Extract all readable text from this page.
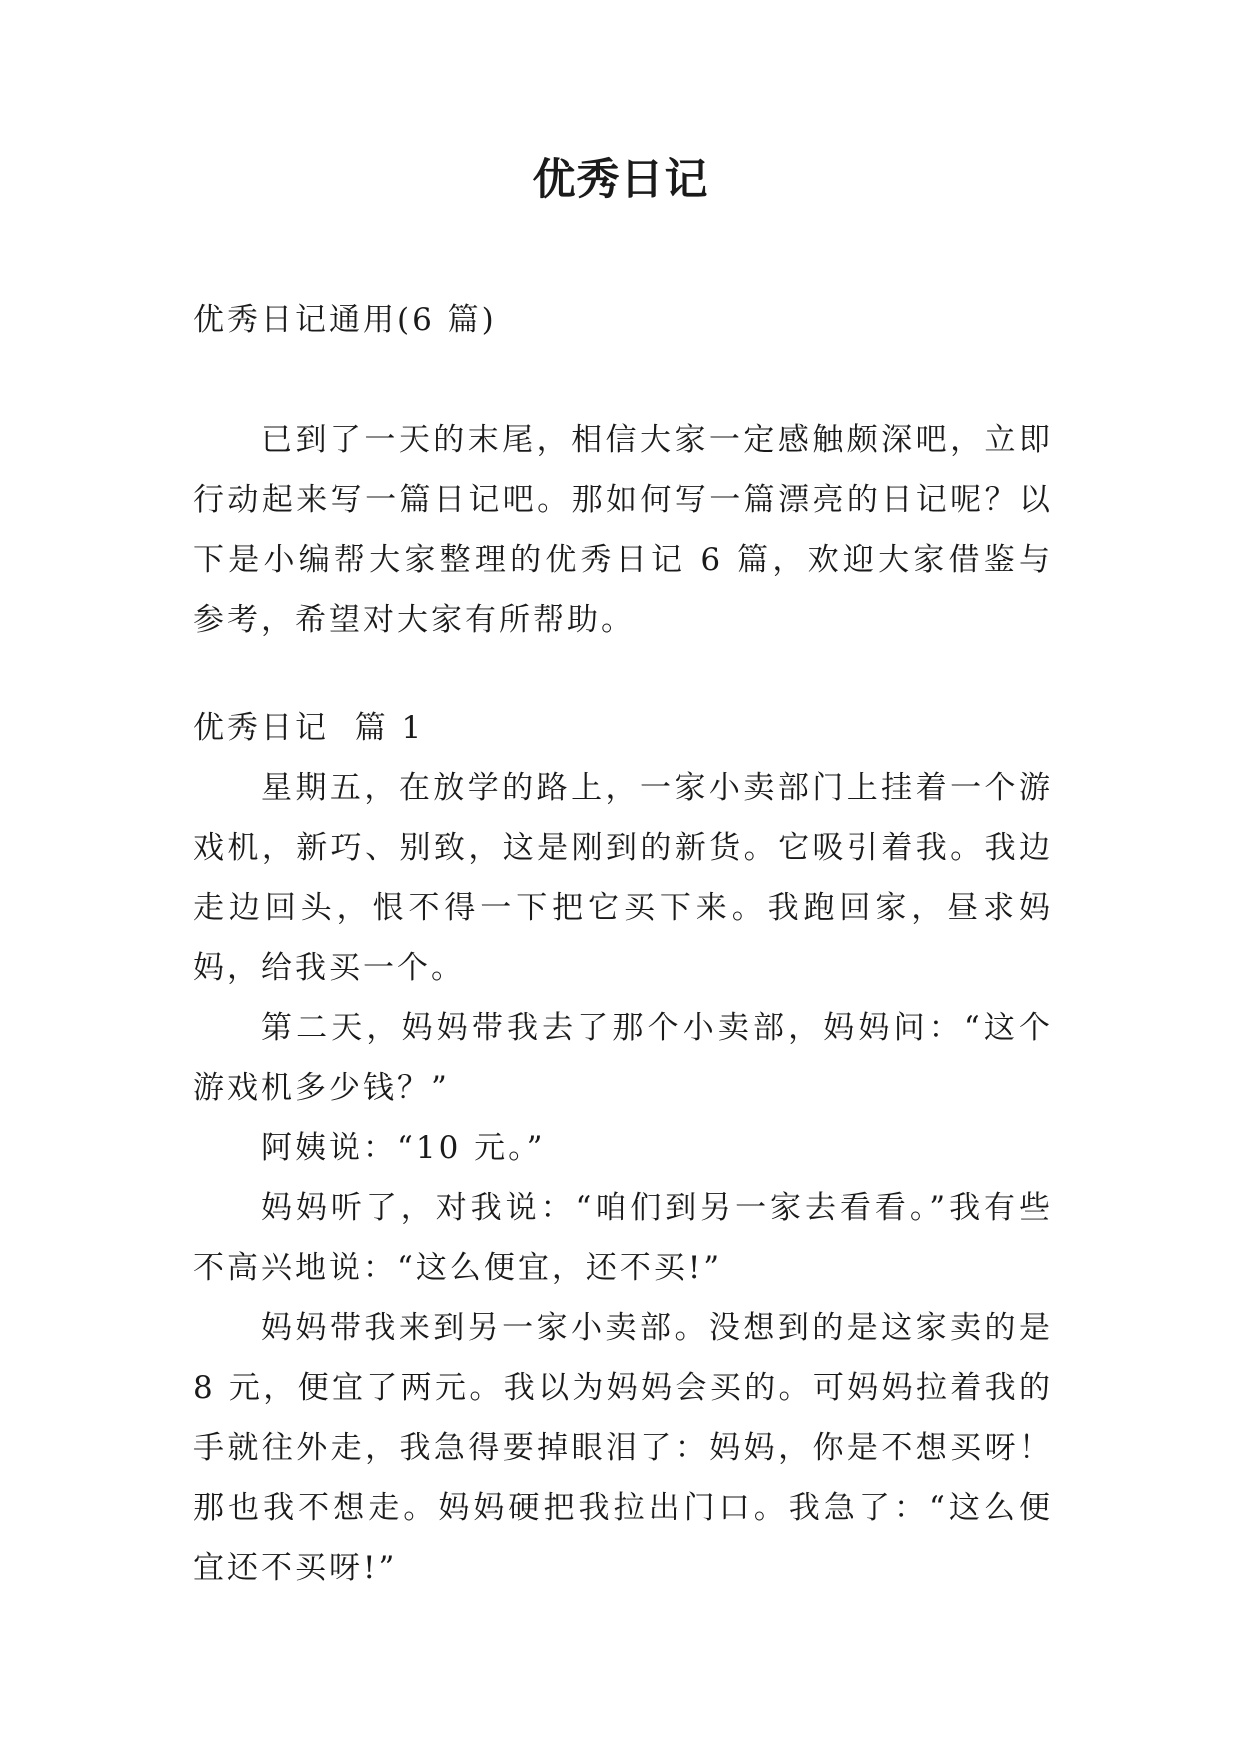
优秀日记

优秀日记通用(6 篇)

已到了一天的末尾，相信大家一定感触颇深吧，立即行动起来写一篇日记吧。那如何写一篇漂亮的日记呢？以下是小编帮大家整理的优秀日记 6 篇，欢迎大家借鉴与参考，希望对大家有所帮助。

优秀日记  篇 1

星期五，在放学的路上，一家小卖部门上挂着一个游戏机，新巧、别致，这是刚到的新货。它吸引着我。我边走边回头，恨不得一下把它买下来。我跑回家，昼求妈妈，给我买一个。

第二天，妈妈带我去了那个小卖部，妈妈问：“这个游戏机多少钱？”

阿姨说：“10 元。”

妈妈听了，对我说：“咱们到另一家去看看。”我有些不高兴地说：“这么便宜，还不买!”

妈妈带我来到另一家小卖部。没想到的是这家卖的是 8 元，便宜了两元。我以为妈妈会买的。可妈妈拉着我的手就往外走，我急得要掉眼泪了：妈妈，你是不想买呀！那也我不想走。妈妈硬把我拉出门口。我急了：“这么便宜还不买呀!”
